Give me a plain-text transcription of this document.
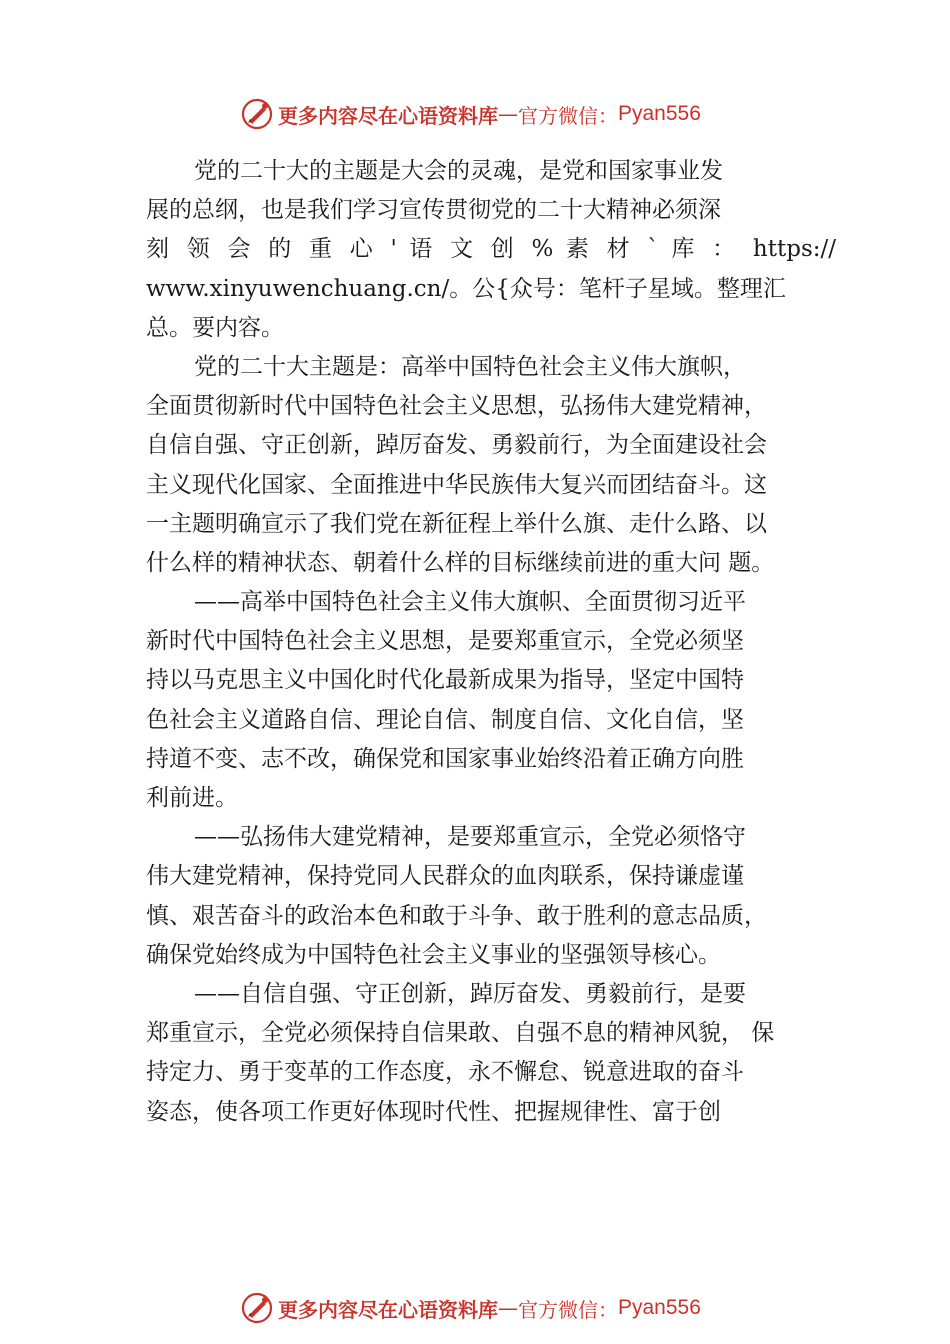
更多内容尽在心语资料库 — 官方微信： Pyan556
党的二十大的主题是大会的灵魂，是党和国家事业发
展的总纲，也是我们学习宣传贯彻党的二十大精神必须深
刻 领 会 的 重 心 ' 语 文 创 % 素 材 ` 库 ： https://
www.xinyuwenchuang.cn/。公{众号：笔杆子星域。整理汇
总。要内容。
党的二十大主题是：高举中国特色社会主义伟大旗帜，
全面贯彻新时代中国特色社会主义思想，弘扬伟大建党精神，
自信自强、守正创新，踔厉奋发、勇毅前行，为全面建设社会
主义现代化国家、全面推进中华民族伟大复兴而团结奋斗。这
一主题明确宣示了我们党在新征程上举什么旗、走什么路、以
什么样的精神状态、朝着什么样的目标继续前进的重大问 题。
——高举中国特色社会主义伟大旗帜、全面贯彻习近平
新时代中国特色社会主义思想，是要郑重宣示，全党必须坚
持以马克思主义中国化时代化最新成果为指导，坚定中国特
色社会主义道路自信、理论自信、制度自信、文化自信，坚
持道不变、志不改，确保党和国家事业始终沿着正确方向胜
利前进。
——弘扬伟大建党精神，是要郑重宣示，全党必须恪守
伟大建党精神，保持党同人民群众的血肉联系，保持谦虚谨
慎、艰苦奋斗的政治本色和敢于斗争、敢于胜利的意志品质，
确保党始终成为中国特色社会主义事业的坚强领导核心。
——自信自强、守正创新，踔厉奋发、勇毅前行，是要
郑重宣示，全党必须保持自信果敢、自强不息的精神风貌， 保
持定力、勇于变革的工作态度，永不懈怠、锐意进取的奋斗
姿态，使各项工作更好体现时代性、把握规律性、富于创
更多内容尽在心语资料库 — 官方微信： Pyan556
